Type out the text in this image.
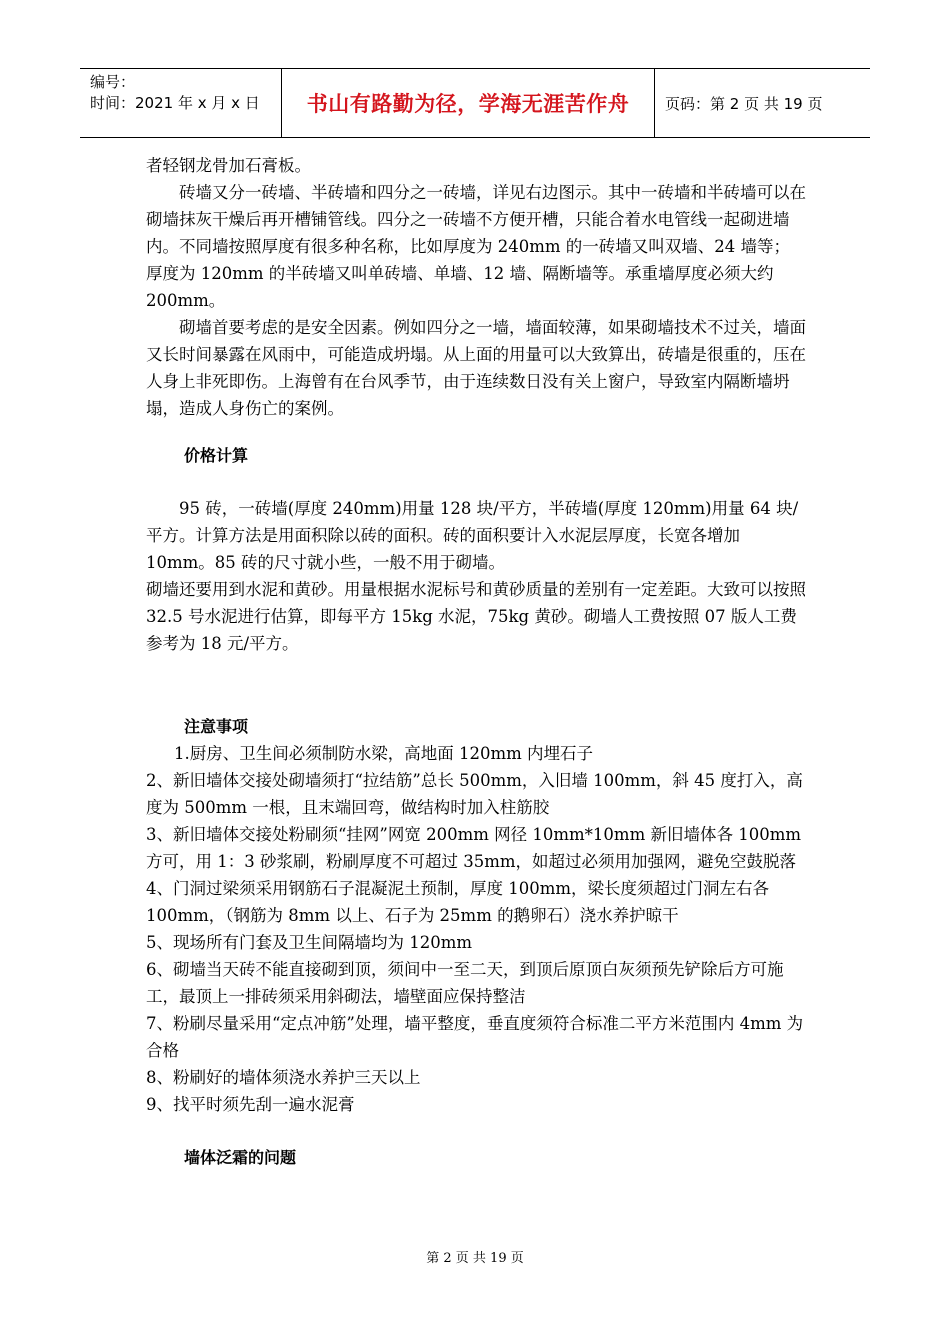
编号：
时间：2021 年 x 月 x 日	书山有路勤为径，学海无涯苦作舟	页码：第 2 页 共 19 页

者轻钢龙骨加石膏板。

砖墙又分一砖墙、半砖墙和四分之一砖墙，详见右边图示。其中一砖墙和半砖墙可以在砌墙抹灰干燥后再开槽铺管线。四分之一砖墙不方便开槽，只能合着水电管线一起砌进墙内。不同墙按照厚度有很多种名称，比如厚度为 240mm 的一砖墙又叫双墙、24 墙等；厚度为 120mm 的半砖墙又叫单砖墙、单墙、12 墙、隔断墙等。承重墙厚度必须大约 200mm。

砌墙首要考虑的是安全因素。例如四分之一墙，墙面较薄，如果砌墙技术不过关，墙面又长时间暴露在风雨中，可能造成坍塌。从上面的用量可以大致算出，砖墙是很重的，压在人身上非死即伤。上海曾有在台风季节，由于连续数日没有关上窗户，导致室内隔断墙坍塌，造成人身伤亡的案例。

价格计算

95 砖，一砖墙(厚度 240mm)用量 128 块/平方，半砖墙(厚度 120mm)用量 64 块/平方。计算方法是用面积除以砖的面积。砖的面积要计入水泥层厚度，长宽各增加 10mm。85 砖的尺寸就小些，一般不用于砌墙。

砌墙还要用到水泥和黄砂。用量根据水泥标号和黄砂质量的差别有一定差距。大致可以按照 32.5 号水泥进行估算，即每平方 15kg 水泥，75kg 黄砂。砌墙人工费按照 07 版人工费参考为 18 元/平方。

注意事项

1.厨房、卫生间必须制防水梁，高地面 120mm 内埋石子

2、新旧墙体交接处砌墙须打“拉结筋”总长 500mm，入旧墙 100mm，斜 45 度打入，高度为 500mm 一根，且末端回弯，做结构时加入柱筋胶

3、新旧墙体交接处粉刷须“挂网”网宽 200mm 网径 10mm*10mm 新旧墙体各 100mm 方可，用 1：3 砂浆刷，粉刷厚度不可超过 35mm，如超过必须用加强网，避免空鼓脱落

4、门洞过梁须采用钢筋石子混凝泥土预制，厚度 100mm，梁长度须超过门洞左右各 100mm，（钢筋为 8mm 以上、石子为 25mm 的鹅卵石）浇水养护晾干

5、现场所有门套及卫生间隔墙均为 120mm

6、砌墙当天砖不能直接砌到顶，须间中一至二天，到顶后原顶白灰须预先铲除后方可施工，最顶上一排砖须采用斜砌法，墙壁面应保持整洁

7、粉刷尽量采用“定点冲筋”处理，墙平整度，垂直度须符合标准二平方米范围内 4mm 为合格

8、粉刷好的墙体须浇水养护三天以上

9、找平时须先刮一遍水泥膏

墙体泛霜的问题

第 2 页 共 19 页
